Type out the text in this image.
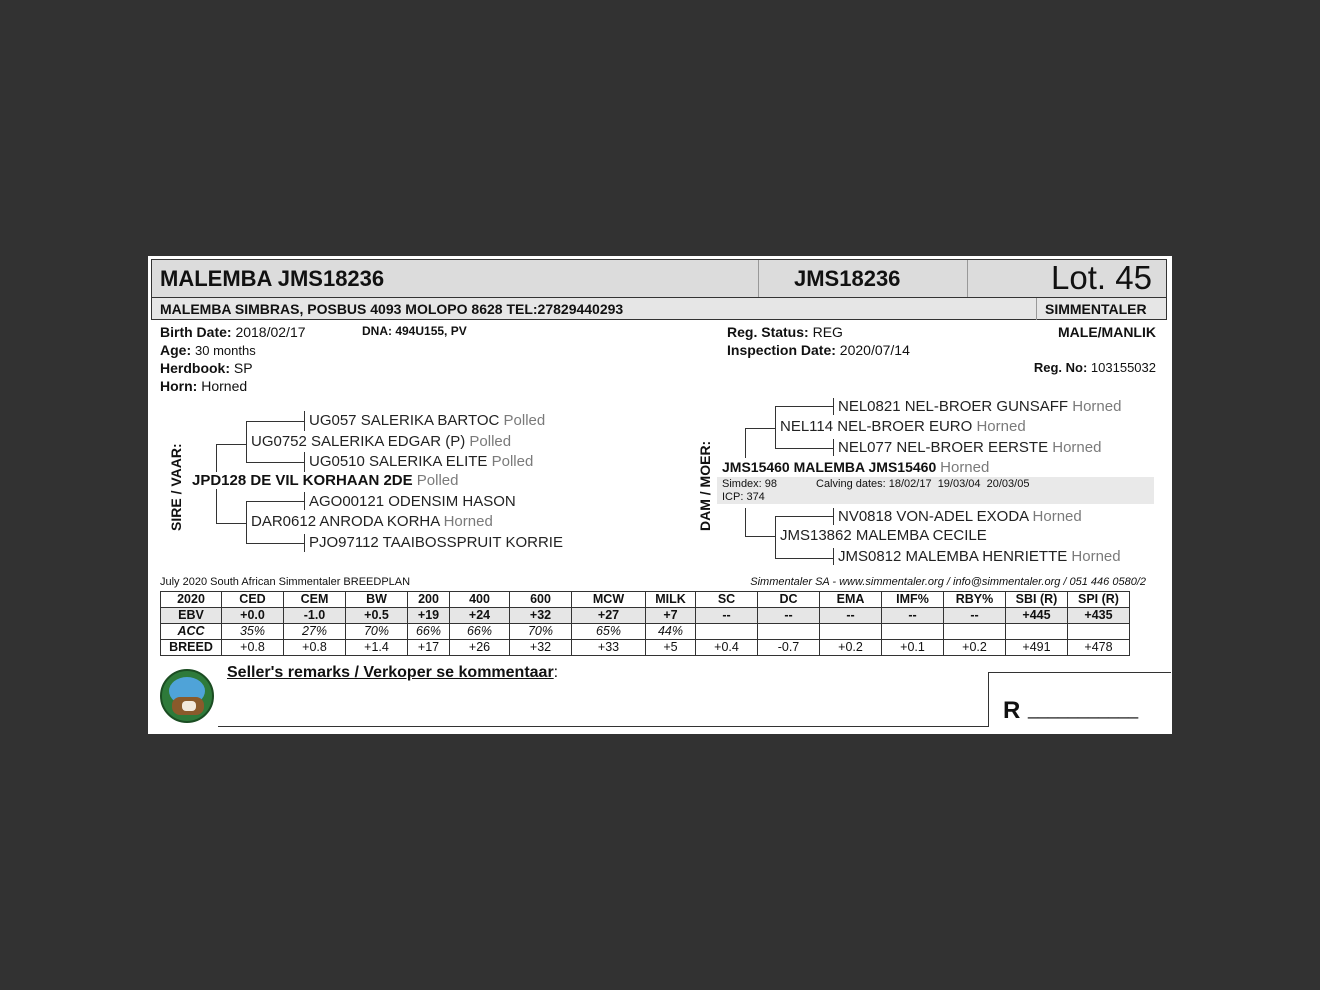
MALEMBA JMS18236	JMS18236	Lot. 45
MALEMBA SIMBRAS, POSBUS 4093 MOLOPO 8628 TEL:27829440293	SIMMENTALER
Birth Date: 2018/02/17	DNA: 494U155, PV
Age: 30 months
Herdbook: SP
Horn: Horned
Reg. Status: REG
Inspection Date: 2020/07/14
MALE/MANLIK
Reg. No: 103155032
SIRE / VAAR:
UG057 SALERIKA BARTOC Polled
UG0752 SALERIKA EDGAR (P) Polled
UG0510 SALERIKA ELITE Polled
JPD128 DE VIL KORHAAN 2DE Polled
AGO00121 ODENSIM HASON
DAR0612 ANRODA KORHA Horned
PJO97112 TAAIBOSSPRUIT KORRIE
DAM / MOER:
NEL0821 NEL-BROER GUNSAFF Horned
NEL114 NEL-BROER EURO Horned
NEL077 NEL-BROER EERSTE Horned
JMS15460 MALEMBA JMS15460 Horned
Simdex: 98	Calving dates: 18/02/17  19/03/04  20/03/05
ICP: 374
NV0818 VON-ADEL EXODA Horned
JMS13862 MALEMBA CECILE
JMS0812 MALEMBA HENRIETTE Horned
July 2020 South African Simmentaler BREEDPLAN	Simmentaler SA - www.simmentaler.org / info@simmentaler.org / 051 446 0580/2
2020	CED	CEM	BW	200	400	600	MCW	MILK	SC	DC	EMA	IMF%	RBY%	SBI (R)	SPI (R)
EBV	+0.0	-1.0	+0.5	+19	+24	+32	+27	+7	--	--	--	--	--	+445	+435
ACC	35%	27%	70%	66%	66%	70%	65%	44%							
BREED	+0.8	+0.8	+1.4	+17	+26	+32	+33	+5	+0.4	-0.7	+0.2	+0.1	+0.2	+491	+478
Seller's remarks / Verkoper se kommentaar:
R ___________
